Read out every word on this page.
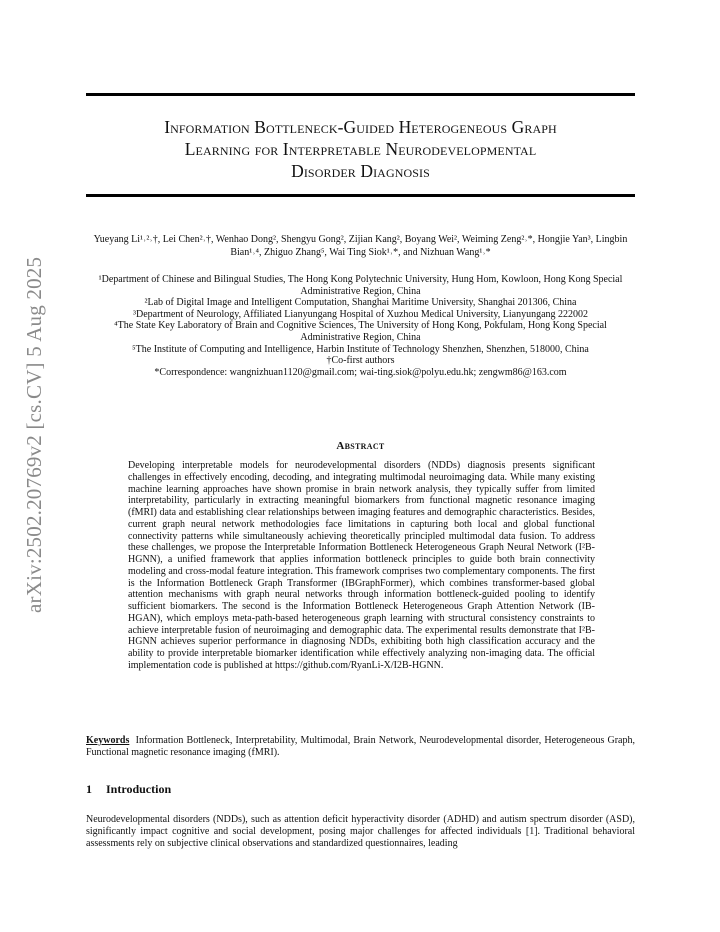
arXiv:2502.20769v2 [cs.CV] 5 Aug 2025
Information Bottleneck-Guided Heterogeneous Graph
Learning for Interpretable Neurodevelopmental
Disorder Diagnosis
Yueyang Li¹˒²˒†, Lei Chen²˒†, Wenhao Dong², Shengyu Gong², Zijian Kang², Boyang Wei², Weiming Zeng²˒*, Hongjie Yan³, Lingbin Bian¹˒⁴, Zhiguo Zhang⁵, Wai Ting Siok¹˒*, and Nizhuan Wang¹˒*
¹Department of Chinese and Bilingual Studies, The Hong Kong Polytechnic University, Hung Hom, Kowloon, Hong Kong Special Administrative Region, China
²Lab of Digital Image and Intelligent Computation, Shanghai Maritime University, Shanghai 201306, China
³Department of Neurology, Affiliated Lianyungang Hospital of Xuzhou Medical University, Lianyungang 222002
⁴The State Key Laboratory of Brain and Cognitive Sciences, The University of Hong Kong, Pokfulam, Hong Kong Special Administrative Region, China
⁵The Institute of Computing and Intelligence, Harbin Institute of Technology Shenzhen, Shenzhen, 518000, China
†Co-first authors
*Correspondence: wangnizhuan1120@gmail.com; wai-ting.siok@polyu.edu.hk; zengwm86@163.com
Abstract
Developing interpretable models for neurodevelopmental disorders (NDDs) diagnosis presents significant challenges in effectively encoding, decoding, and integrating multimodal neuroimaging data. While many existing machine learning approaches have shown promise in brain network analysis, they typically suffer from limited interpretability, particularly in extracting meaningful biomarkers from functional magnetic resonance imaging (fMRI) data and establishing clear relationships between imaging features and demographic characteristics. Besides, current graph neural network methodologies face limitations in capturing both local and global functional connectivity patterns while simultaneously achieving theoretically principled multimodal data fusion. To address these challenges, we propose the Interpretable Information Bottleneck Heterogeneous Graph Neural Network (I²B-HGNN), a unified framework that applies information bottleneck principles to guide both brain connectivity modeling and cross-modal feature integration. This framework comprises two complementary components. The first is the Information Bottleneck Graph Transformer (IBGraphFormer), which combines transformer-based global attention mechanisms with graph neural networks through information bottleneck-guided pooling to identify sufficient biomarkers. The second is the Information Bottleneck Heterogeneous Graph Attention Network (IB-HGAN), which employs meta-path-based heterogeneous graph learning with structural consistency constraints to achieve interpretable fusion of neuroimaging and demographic data. The experimental results demonstrate that I²B-HGNN achieves superior performance in diagnosing NDDs, exhibiting both high classification accuracy and the ability to provide interpretable biomarker identification while effectively analyzing non-imaging data. The official implementation code is published at https://github.com/RyanLi-X/I2B-HGNN.
Keywords Information Bottleneck, Interpretability, Multimodal, Brain Network, Neurodevelopmental disorder, Heterogeneous Graph, Functional magnetic resonance imaging (fMRI).
1 Introduction
Neurodevelopmental disorders (NDDs), such as attention deficit hyperactivity disorder (ADHD) and autism spectrum disorder (ASD), significantly impact cognitive and social development, posing major challenges for affected individuals [1]. Traditional behavioral assessments rely on subjective clinical observations and standardized questionnaires, leading
